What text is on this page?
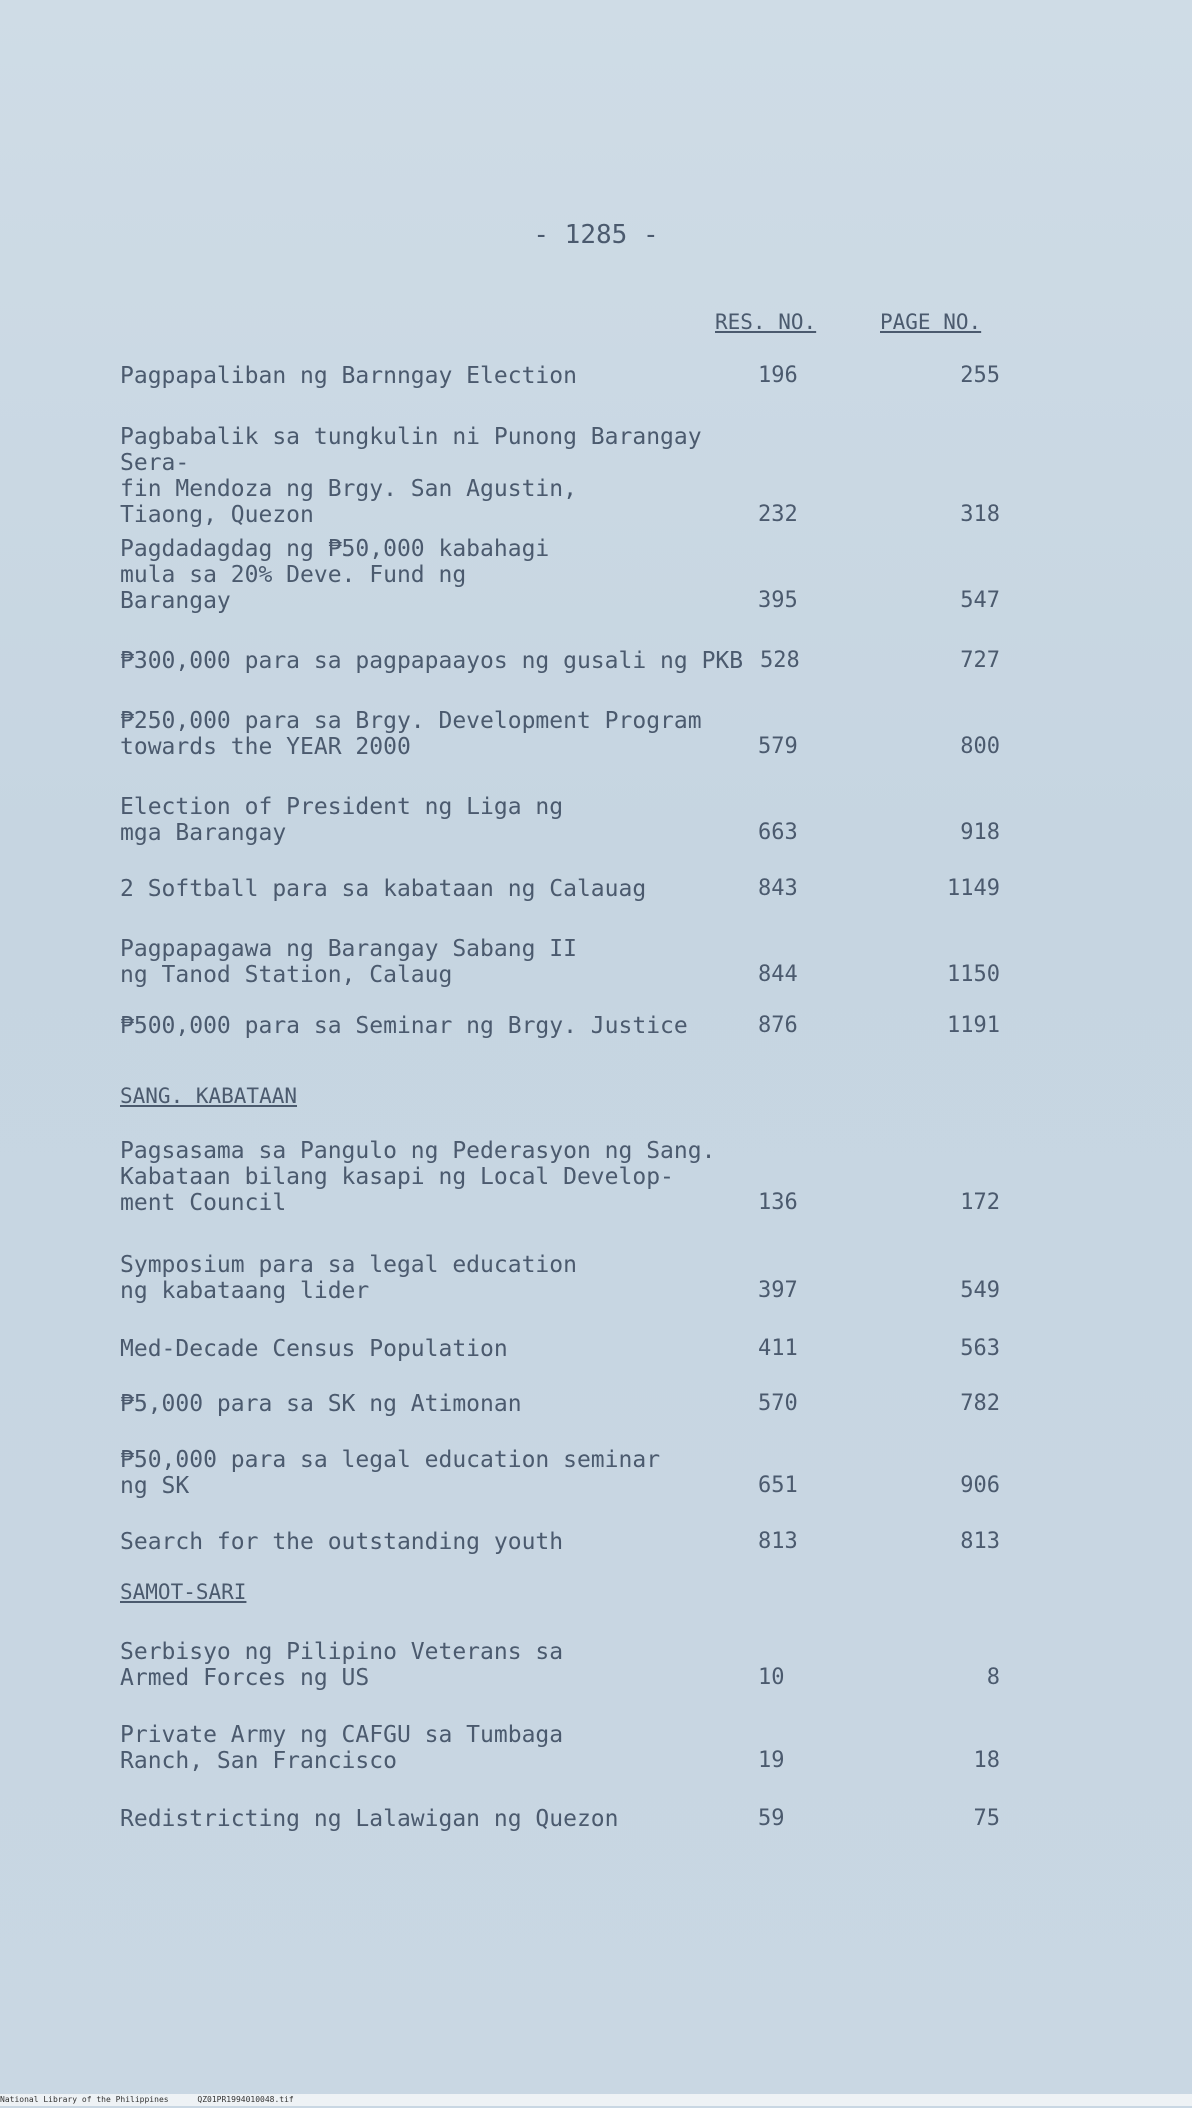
- 1285 -
RES. NO.	PAGE NO.
Pagpapaliban ng Barnngay Election	196	255
Pagbabalik sa tungkulin ni Punong Barangay Sera-
fin Mendoza ng Brgy. San Agustin,
Tiaong, Quezon	232	318
Pagdadagdag ng ₱50,000 kabahagi
mula sa 20% Deve. Fund ng
Barangay	395	547
₱300,000 para sa pagpapaayos ng gusali ng PKB 528	727
₱250,000 para sa Brgy. Development Program
towards the YEAR 2000	579	800
Election of President ng Liga ng
mga Barangay	663	918
2 Softball para sa kabataan ng Calauag	843	1149
Pagpapagawa ng Barangay Sabang II
ng Tanod Station, Calaug	844	1150
₱500,000 para sa Seminar ng Brgy. Justice	876	1191
SANG. KABATAAN
Pagsasama sa Pangulo ng Pederasyon ng Sang.
Kabataan bilang kasapi ng Local Develop-
ment Council	136	172
Symposium para sa legal education
ng kabataang lider	397	549
Med-Decade Census Population	411	563
₱5,000 para sa SK ng Atimonan	570	782
₱50,000 para sa legal education seminar
ng SK	651	906
Search for the outstanding youth	813	813
SAMOT-SARI
Serbisyo ng Pilipino Veterans sa
Armed Forces ng US	10	8
Private Army ng CAFGU sa Tumbaga
Ranch, San Francisco	19	18
Redistricting ng Lalawigan ng Quezon	59	75
National Library of the Philippines	QZ01PR1994010048.tif
